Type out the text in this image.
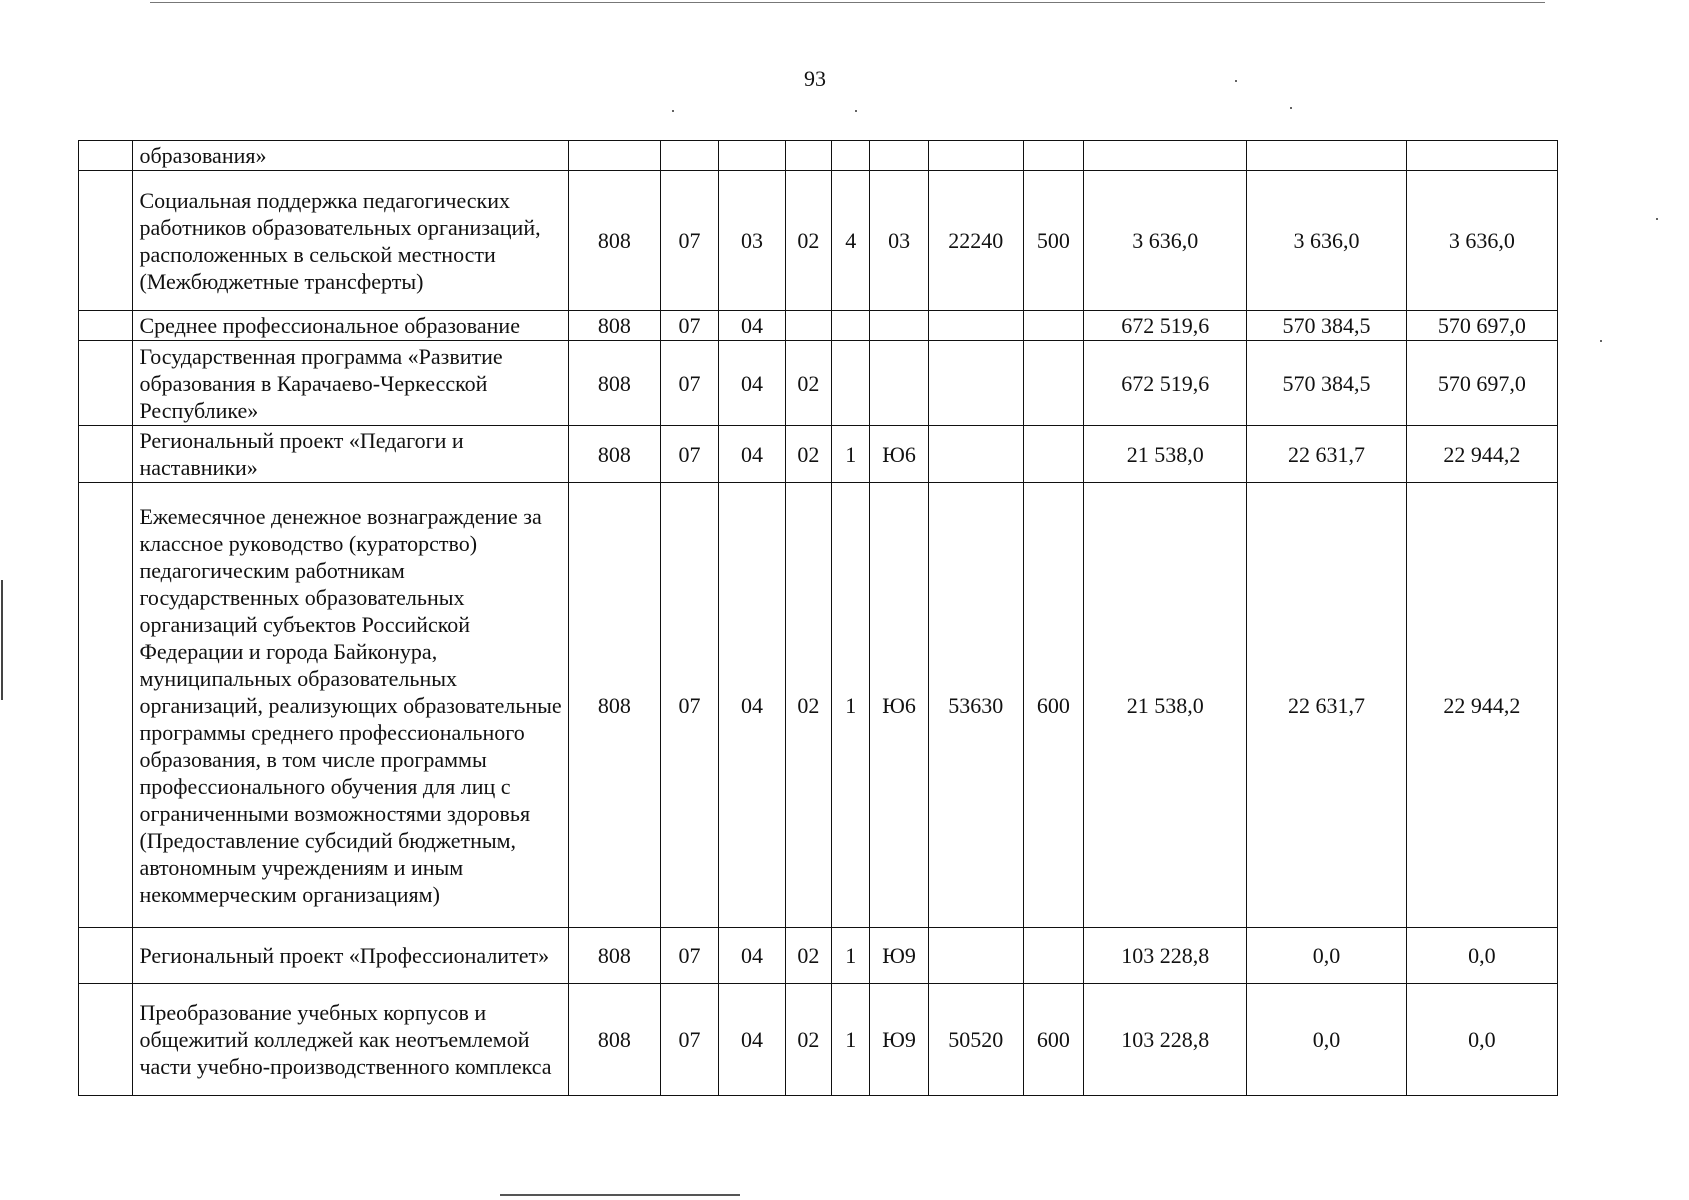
93
	образования»											
	Социальная поддержка педагогических работников образовательных организаций, расположенных в сельской местности (Межбюджетные трансферты)	808	07	03	02	4	03	22240	500	3 636,0	3 636,0	3 636,0
	Среднее профессиональное образование	808	07	04						672 519,6	570 384,5	570 697,0
	Государственная программа «Развитие образования в Карачаево-Черкесской Республике»	808	07	04	02					672 519,6	570 384,5	570 697,0
	Региональный проект «Педагоги и наставники»	808	07	04	02	1	Ю6			21 538,0	22 631,7	22 944,2
	Ежемесячное денежное вознаграждение за классное руководство (кураторство) педагогическим работникам государственных образовательных организаций субъектов Российской Федерации и города Байконура, муниципальных образовательных организаций, реализующих образовательные программы среднего профессионального образования, в том числе программы профессионального обучения для лиц с ограниченными возможностями здоровья (Предоставление субсидий бюджетным, автономным учреждениям и иным некоммерческим организациям)	808	07	04	02	1	Ю6	53630	600	21 538,0	22 631,7	22 944,2
	Региональный проект «Профессионалитет»	808	07	04	02	1	Ю9			103 228,8	0,0	0,0
	Преобразование учебных корпусов и общежитий колледжей как неотъемлемой части учебно-производственного комплекса	808	07	04	02	1	Ю9	50520	600	103 228,8	0,0	0,0
